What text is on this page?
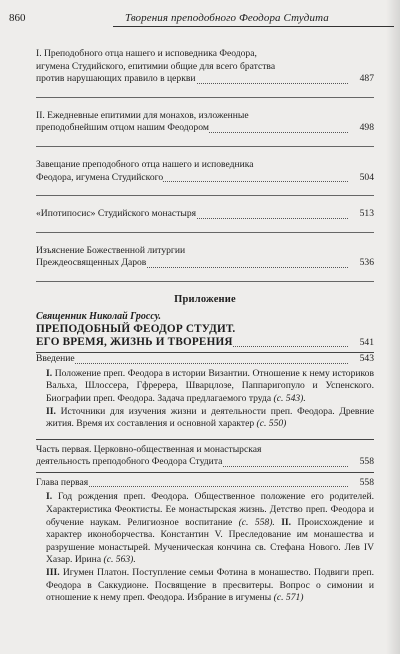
860	Творения преподобного Феодора Студита
I. Преподобного отца нашего и исповедника Феодора,
игумена Студийского, епитимии общие для всего братства
против нарушающих правило в церкви	487
II. Ежедневные епитимии для монахов, изложенные
преподобнейшим отцом нашим Феодором	498
Завещание преподобного отца нашего и исповедника
Феодора, игумена Студийского	504
«Ипотипосис» Студийского монастыря	513
Изъяснение Божественной литургии
Преждеосвященных Даров	536
Приложение
Священник Николай Гроссу.
ПРЕПОДОБНЫЙ ФЕОДОР СТУДИТ.
ЕГО ВРЕМЯ, ЖИЗНЬ И ТВОРЕНИЯ	541
Введение	543
I. Положение преп. Феодора в истории Византии. Отношение к нему историков Вальха, Шлоссера, Гфререра, Шварцлозе, Паппаригопуло и Успенского. Биографии преп. Феодора. Задача предлагаемого труда (с. 543).
II. Источники для изучения жизни и деятельности преп. Феодора. Древние жития. Время их составления и основной характер (с. 550)
Часть первая. Церковно-общественная и монастырская
деятельность преподобного Феодора Студита	558
Глава первая	558
I. Год рождения преп. Феодора. Общественное положение его родителей. Характеристика Феоктисты. Ее монастырская жизнь. Детство преп. Феодора и обучение наукам. Религиозное воспитание (с. 558). II. Происхождение и характер иконоборчества. Константин V. Преследование им монашества и разрушение монастырей. Мученическая кончина св. Стефана Нового. Лев IV Хазар. Ирина (с. 563).
III. Игумен Платон. Поступление семьи Фотина в монашество. Подвиги преп. Феодора в Саккудионе. Посвящение в пресвитеры. Вопрос о симонии и отношение к нему преп. Феодора. Избрание в игумены (с. 571)
